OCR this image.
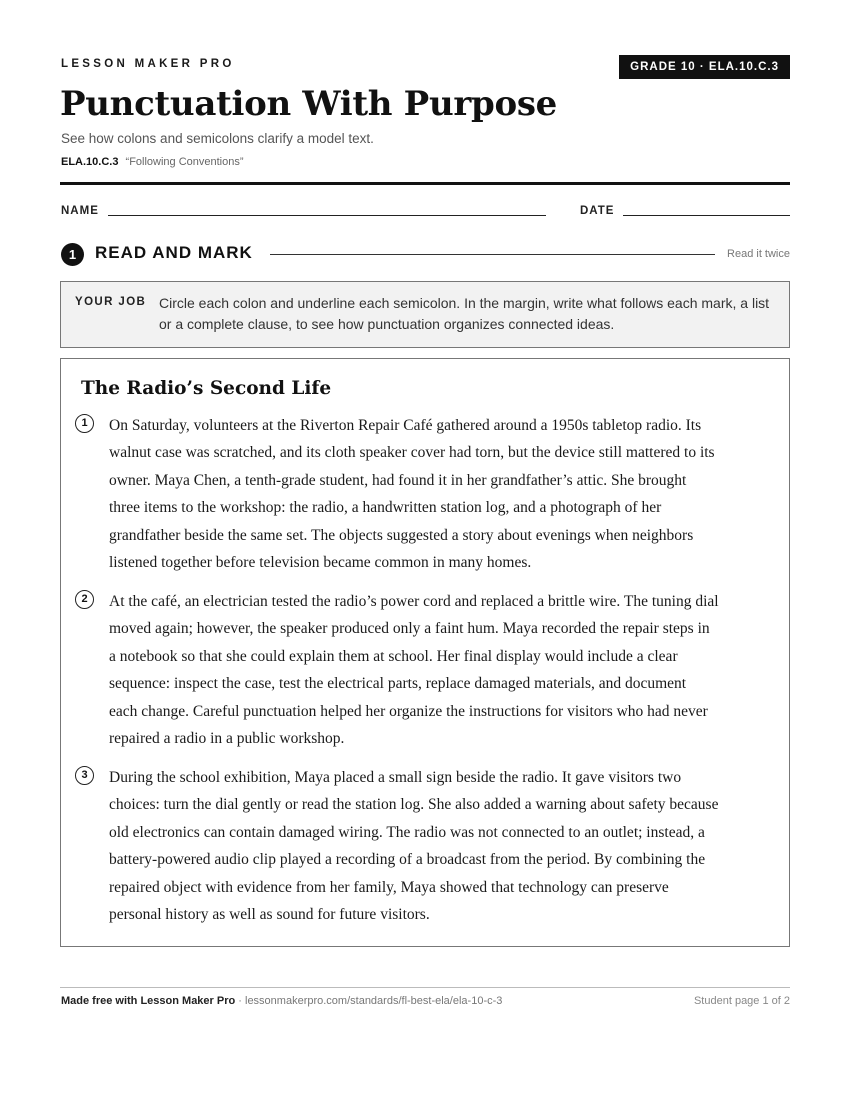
LESSON MAKER PRO	GRADE 10 · ELA.10.C.3
Punctuation With Purpose
See how colons and semicolons clarify a model text.
ELA.10.C.3 “Following Conventions”
NAME	DATE
1	READ AND MARK	Read it twice
YOUR JOB Circle each colon and underline each semicolon. In the margin, write what follows each mark, a list or a complete clause, to see how punctuation organizes connected ideas.
The Radio’s Second Life
1	On Saturday, volunteers at the Riverton Repair Café gathered around a 1950s tabletop radio. Its
walnut case was scratched, and its cloth speaker cover had torn, but the device still mattered to its
owner. Maya Chen, a tenth-grade student, had found it in her grandfather’s attic. She brought
three items to the workshop: the radio, a handwritten station log, and a photograph of her
grandfather beside the same set. The objects suggested a story about evenings when neighbors
listened together before television became common in many homes.
2	At the café, an electrician tested the radio’s power cord and replaced a brittle wire. The tuning dial
moved again; however, the speaker produced only a faint hum. Maya recorded the repair steps in
a notebook so that she could explain them at school. Her final display would include a clear
sequence: inspect the case, test the electrical parts, replace damaged materials, and document
each change. Careful punctuation helped her organize the instructions for visitors who had never
repaired a radio in a public workshop.
3	During the school exhibition, Maya placed a small sign beside the radio. It gave visitors two
choices: turn the dial gently or read the station log. She also added a warning about safety because
old electronics can contain damaged wiring. The radio was not connected to an outlet; instead, a
battery-powered audio clip played a recording of a broadcast from the period. By combining the
repaired object with evidence from her family, Maya showed that technology can preserve
personal history as well as sound for future visitors.
Made free with Lesson Maker Pro · lessonmakerpro.com/standards/fl-best-ela/ela-10-c-3	Student page 1 of 2
